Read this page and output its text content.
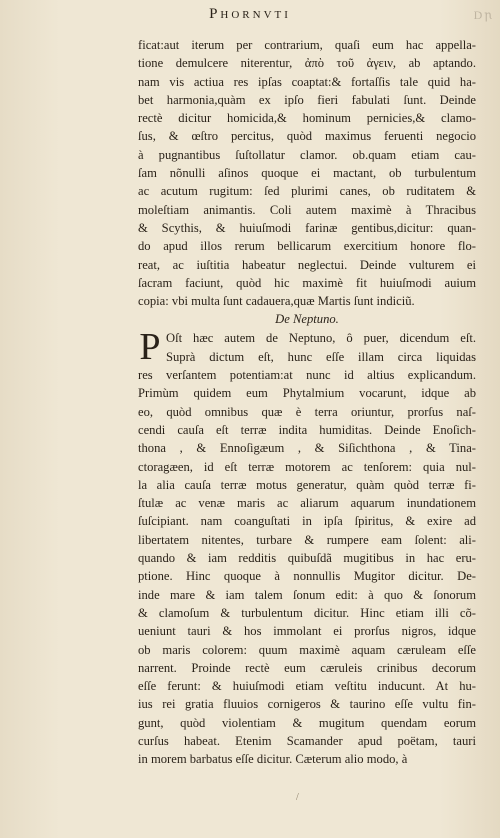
Phornvti	Dꞃ
ficat:aut iterum per contrarium, quaſi eum hac appella-
tione demulcere niterentur, ἀπὸ τοῦ ἀγειν, ab aptando.
nam vis actiua res ipſas coaptat:& fortaſſis tale quid ha-
bet harmonia,quàm ex ipſo fieri fabulati ſunt. Deinde
rectè dicitur homicida,& hominum pernicies,& clamo-
ſus, & œſtro percitus, quòd maximus feruenti negocio
à pugnantibus ſuſtollatur clamor. ob.quam etiam cau-
ſam nõnulli aſinos quoque ei mactant, ob turbulentum
ac acutum rugitum: ſed plurimi canes, ob ruditatem &
moleſtiam animantis. Coli autem maximè à Thracibus
& Scythis, & huiuſmodi farinæ gentibus,dicitur: quan-
do apud illos rerum bellicarum exercitium honore flo-
reat, ac iuſtitia habeatur neglectui. Deinde vulturem ei
ſacram faciunt, quòd hic maximè fit huiuſmodi auium
copia: vbi multa ſunt cadauera,quæ Martis ſunt indiciũ.
De Neptuno.
P Oſt hæc autem de Neptuno, ô puer, dicendum eſt.
Suprà dictum eſt, hunc eſſe illam circa liquidas
res verſantem potentiam:at nunc id altius explicandum.
Primùm quidem eum Phytalmium vocarunt, idque ab
eo, quòd omnibus quæ è terra oriuntur, prorſus naſ-
cendi cauſa eſt terræ indita humiditas. Deinde Enoſich-
thona , & Ennoſigæum , & Siſichthona , & Tina-
ctoragæen, id eſt terræ motorem ac tenſorem: quia nul-
la alia cauſa terræ motus generatur, quàm quòd terræ fi-
ſtulæ ac venæ maris ac aliarum aquarum inundationem
ſuſcipiant. nam coanguſtati in ipſa ſpiritus, & exire ad
libertatem nitentes, turbare & rumpere eam ſolent: ali-
quando & iam redditis quibuſdã mugitibus in hac eru-
ptione. Hinc quoque à nonnullis Mugitor dicitur. De-
inde mare & iam talem ſonum edit: à quo & ſonorum
& clamoſum & turbulentum dicitur. Hinc etiam illi cõ-
ueniunt tauri & hos immolant ei prorſus nigros, idque
ob maris colorem: quum maximè aquam cæruleam eſſe
narrent. Proinde rectè eum cæruleis crinibus decorum
eſſe ferunt: & huiuſmodi etiam veſtitu inducunt. At hu-
ius rei gratia fluuios cornigeros & taurino eſſe vultu fin-
gunt, quòd violentiam & mugitum quendam eorum
curſus habeat. Etenim Scamander apud poëtam, tauri
in morem barbatus eſſe dicitur. Cæterum alio modo, à
/
